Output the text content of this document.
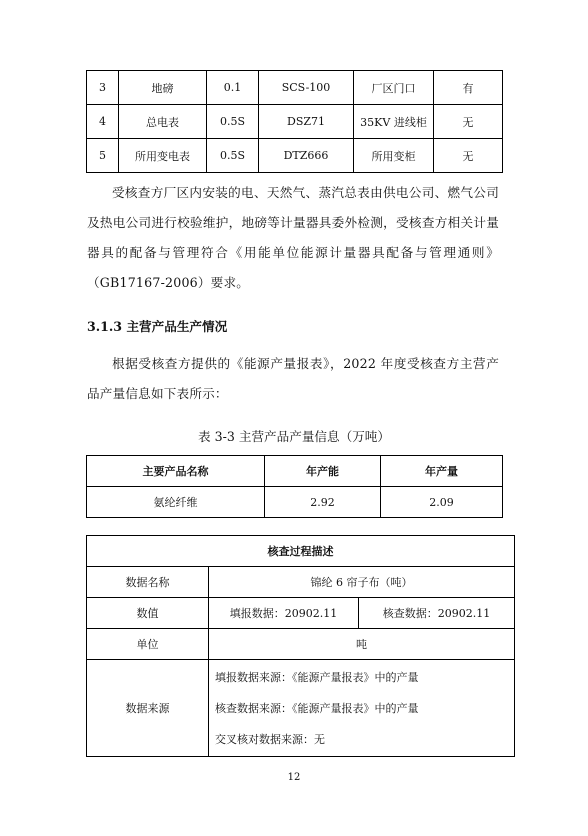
3	地磅	0.1	SCS-100	厂区门口	有
4	总电表	0.5S	DSZ71	35KV 进线柜	无
5	所用变电表	0.5S	DTZ666	所用变柜	无
受核查方厂区内安装的电、天然气、蒸汽总表由供电公司、燃气公司及热电公司进行校验维护，地磅等计量器具委外检测，受核查方相关计量器具的配备与管理符合《用能单位能源计量器具配备与管理通则》（GB17167-2006）要求。
3.1.3 主营产品生产情况
根据受核查方提供的《能源产量报表》，2022 年度受核查方主营产品产量信息如下表所示：
表 3-3 主营产品产量信息（万吨）
主要产品名称	年产能	年产量
氨纶纤维	2.92	2.09
核查过程描述		
数据名称	锦纶 6 帘子布（吨）	
数值	填报数据：20902.11	核查数据：20902.11
单位	吨	
数据来源	填报数据来源：《能源产量报表》中的产量
核查数据来源：《能源产量报表》中的产量
交叉核对数据来源：无	
12
